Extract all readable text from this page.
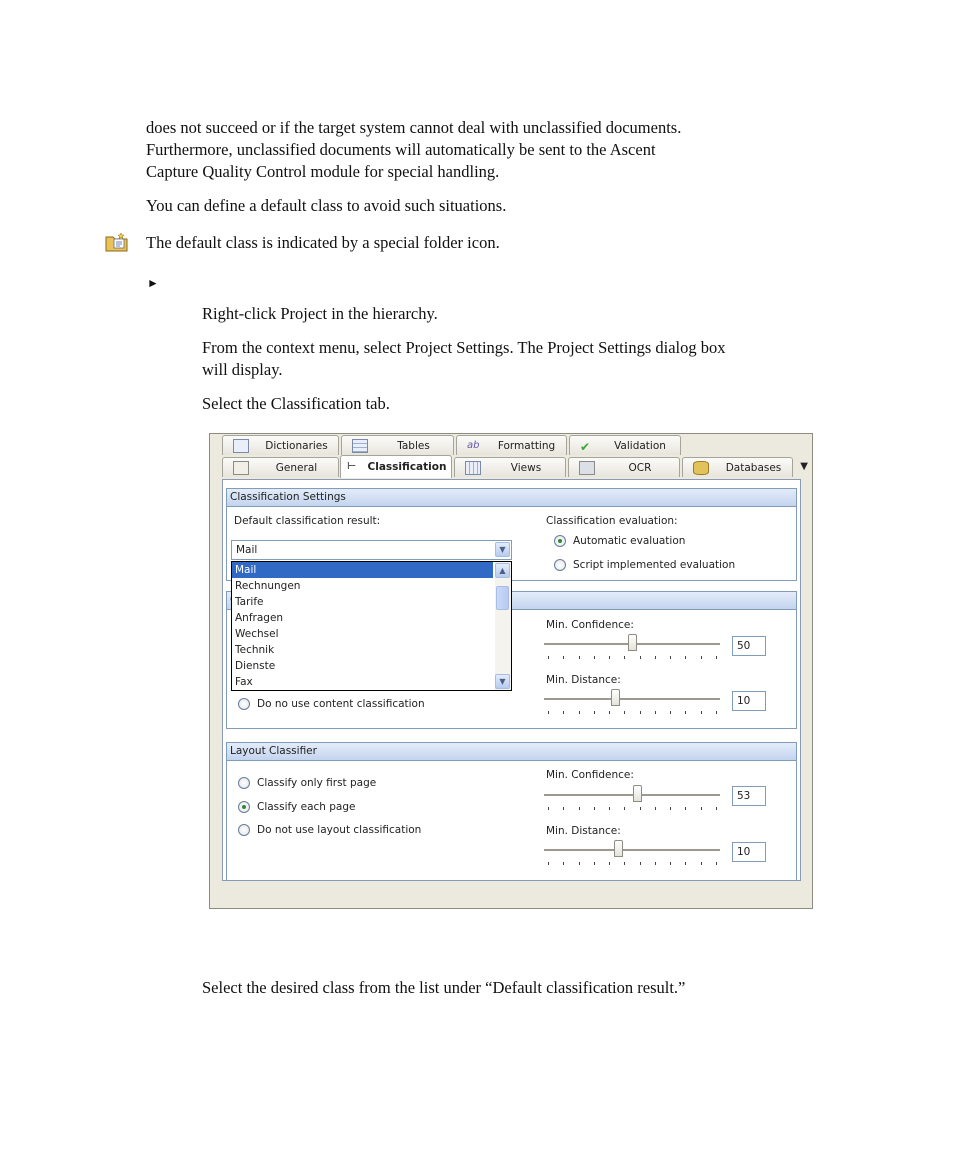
does not succeed or if the target system cannot deal with unclassified documents.

Furthermore, unclassified documents will automatically be sent to the Ascent

Capture Quality Control module for special handling.

You can define a default class to avoid such situations.

The default class is indicated by a special folder icon.

►

Right-click Project in the hierarchy.

From the context menu, select Project Settings. The Project Settings dialog box

will display.

Select the Classification tab.

Dictionaries	Tables	ab	Formatting	✔	Validation
General	⊢	Classification	Views	OCR	Databases	▼
Classification Settings
Default classification result:	Classification evaluation:
Automatic evaluation
Script implemented evaluation
Mail	▼
Min. Confidence:
50
Min. Distance:
10
Do no use content classification
Mail
Rechnungen
Tarife
Anfragen
Wechsel
Technik
Dienste
Fax
▲
▼
Layout Classifier
Classify only first page
Classify each page
Do not use layout classification
Min. Confidence:
53
Min. Distance:
10

Select the desired class from the list under “Default classification result.”
